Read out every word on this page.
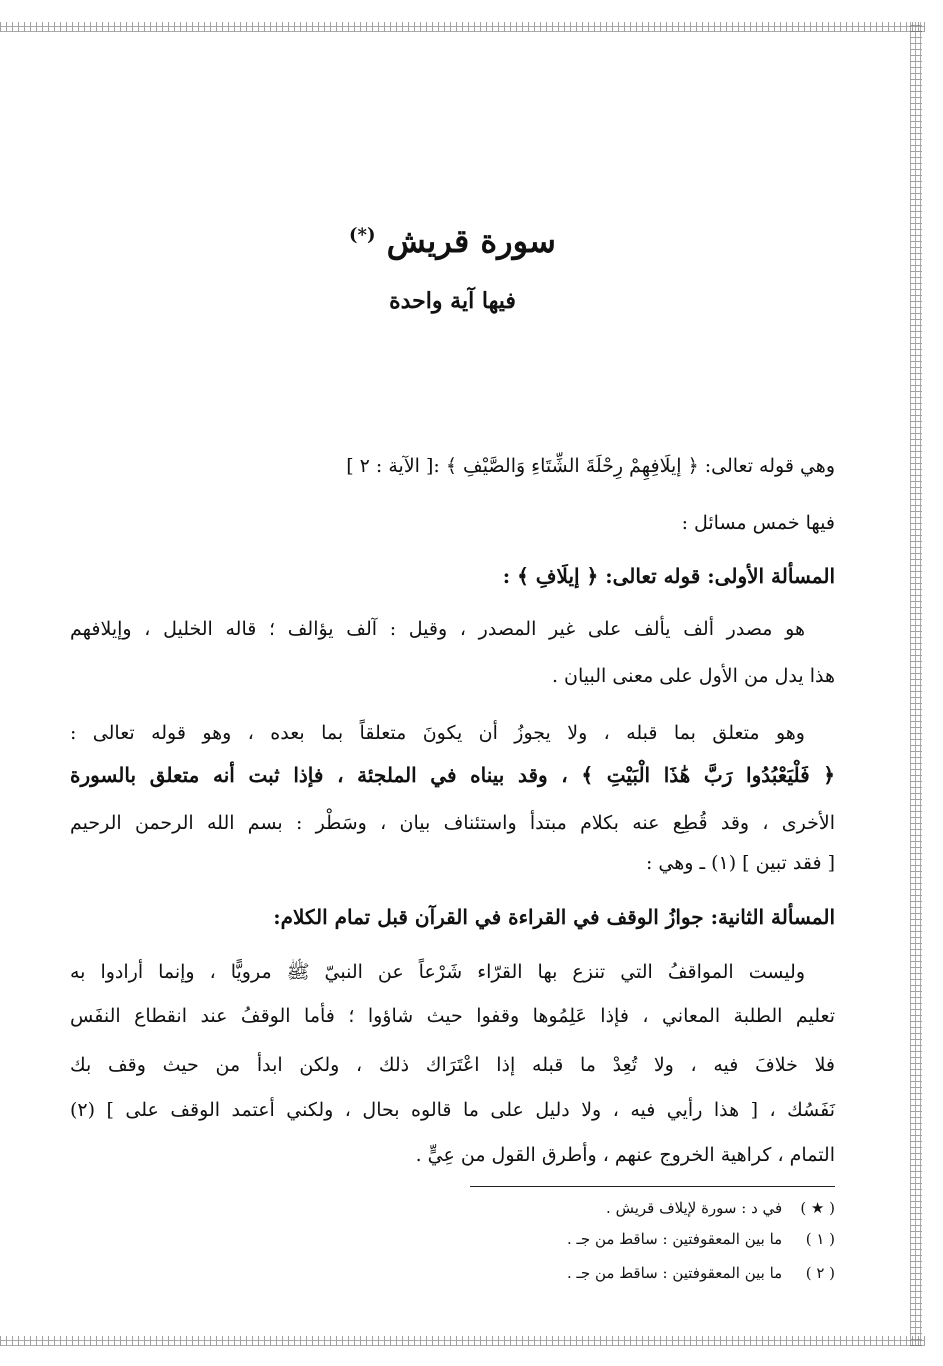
سورة قريش (*)
فيها آية واحدة
وهي قوله تعالى: ﴿ إيلَافِهِمْ رِحْلَةَ الشِّتَاءِ وَالصَّيْفِ ﴾ :[ الآية : ٢ ]
فيها خمس مسائل :
المسألة الأولى: قوله تعالى: ﴿ إيلَافِ ﴾ :
هو مصدر ألف يألف على غير المصدر ، وقيل : آلف يؤالف ؛ قاله الخليل ، وإيلافهم
هذا يدل من الأول على معنى البيان .
وهو متعلق بما قبله ، ولا يجوزُ أن يكونَ متعلقاً بما بعده ، وهو قوله تعالى :
﴿ فَلْيَعْبُدُوا رَبَّ هَٰذَا الْبَيْتِ ﴾ ، وقد بيناه في الملجئة ، فإذا ثبت أنه متعلق بالسورة
الأخرى ، وقد قُطِع عنه بكلام مبتدأ واستئناف بيان ، وسَطْر : بسم الله الرحمن الرحيم
[ فقد تبين ] (١) ـ وهي :
المسألة الثانية: جوازُ الوقف في القراءة في القرآن قبل تمام الكلام:
وليست المواقفُ التي تنزع بها القرّاء شَرْعاً عن النبيّ ﷺ مرويًّا ، وإنما أرادوا به
تعليم الطلبة المعاني ، فإذا عَلِمُوها وقفوا حيث شاؤوا ؛ فأما الوقفُ عند انقطاع النفَس
فلا خلافَ فيه ، ولا تُعِدْ ما قبله إذا اعْتَرَاك ذلك ، ولكن ابدأ من حيث وقف بك
نَفَسُك ، [ هذا رأيي فيه ، ولا دليل على ما قالوه بحال ، ولكني أعتمد الوقف على ] (٢)
التمام ، كراهية الخروج عنهم ، وأطرق القول من عِيٍّ .
( ★ ) في د : سورة لإيلاف قريش .
( ١ ) ما بين المعقوفتين : ساقط من جـ .
( ٢ ) ما بين المعقوفتين : ساقط من جـ .
